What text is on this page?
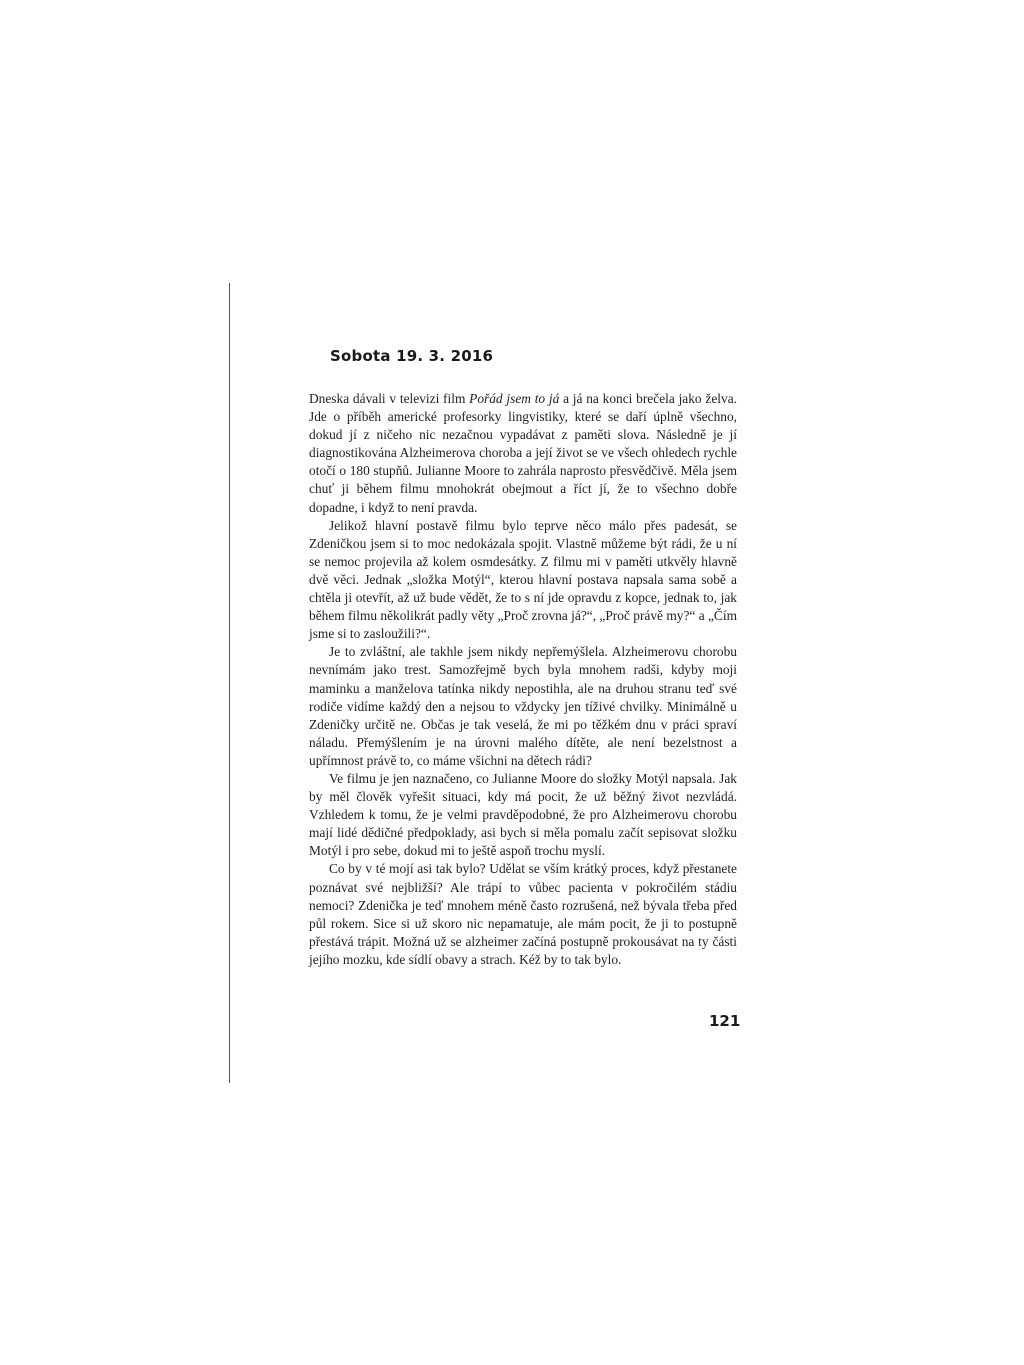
Sobota 19. 3. 2016

Dneska dávali v televizi film Pořád jsem to já a já na konci brečela jako želva. Jde o příběh americké profesorky lingvistiky, které se daří úplně všechno, dokud jí z ničeho nic nezačnou vypadávat z paměti slova. Následně je jí diagnostikována Alzheimerova choroba a její život se ve všech ohledech rychle otočí o 180 stupňů. Julianne Moore to zahrála naprosto přesvědčivě. Měla jsem chuť ji během filmu mnohokrát obejmout a říct jí, že to všechno dobře dopadne, i když to není pravda.

Jelikož hlavní postavě filmu bylo teprve něco málo přes padesát, se Zdeničkou jsem si to moc nedokázala spojit. Vlastně můžeme být rádi, že u ní se nemoc projevila až kolem osmdesátky. Z filmu mi v paměti utkvěly hlavně dvě věci. Jednak „složka Motýl“, kterou hlavní postava napsala sama sobě a chtěla ji otevřít, až už bude vědět, že to s ní jde opravdu z kopce, jednak to, jak během filmu několikrát padly věty „Proč zrovna já?“, „Proč právě my?“ a „Čím jsme si to zasloužili?“.

Je to zvláštní, ale takhle jsem nikdy nepřemýšlela. Alzheimerovu chorobu nevnímám jako trest. Samozřejmě bych byla mnohem radši, kdyby moji maminku a manželova tatínka nikdy nepostihla, ale na druhou stranu teď své rodiče vidíme každý den a nejsou to vždycky jen tíživé chvilky. Minimálně u Zdeničky určitě ne. Občas je tak veselá, že mi po těžkém dnu v práci spraví náladu. Přemýšlením je na úrovni malého dítěte, ale není bezelstnost a upřímnost právě to, co máme všichni na dětech rádi?

Ve filmu je jen naznačeno, co Julianne Moore do složky Motýl napsala. Jak by měl člověk vyřešit situaci, kdy má pocit, že už běžný život nezvládá. Vzhledem k tomu, že je velmi pravděpodobné, že pro Alzheimerovu chorobu mají lidé dědičné předpoklady, asi bych si měla pomalu začít sepisovat složku Motýl i pro sebe, dokud mi to ještě aspoň trochu myslí.

Co by v té mojí asi tak bylo? Udělat se vším krátký proces, když přestanete poznávat své nejbližší? Ale trápí to vůbec pacienta v pokročilém stádiu nemoci? Zdenička je teď mnohem méně často rozrušená, než bývala třeba před půl rokem. Sice si už skoro nic nepamatuje, ale mám pocit, že ji to postupně přestává trápit. Možná už se alzheimer začíná postupně prokousávat na ty části jejího mozku, kde sídlí obavy a strach. Kéž by to tak bylo.

121
